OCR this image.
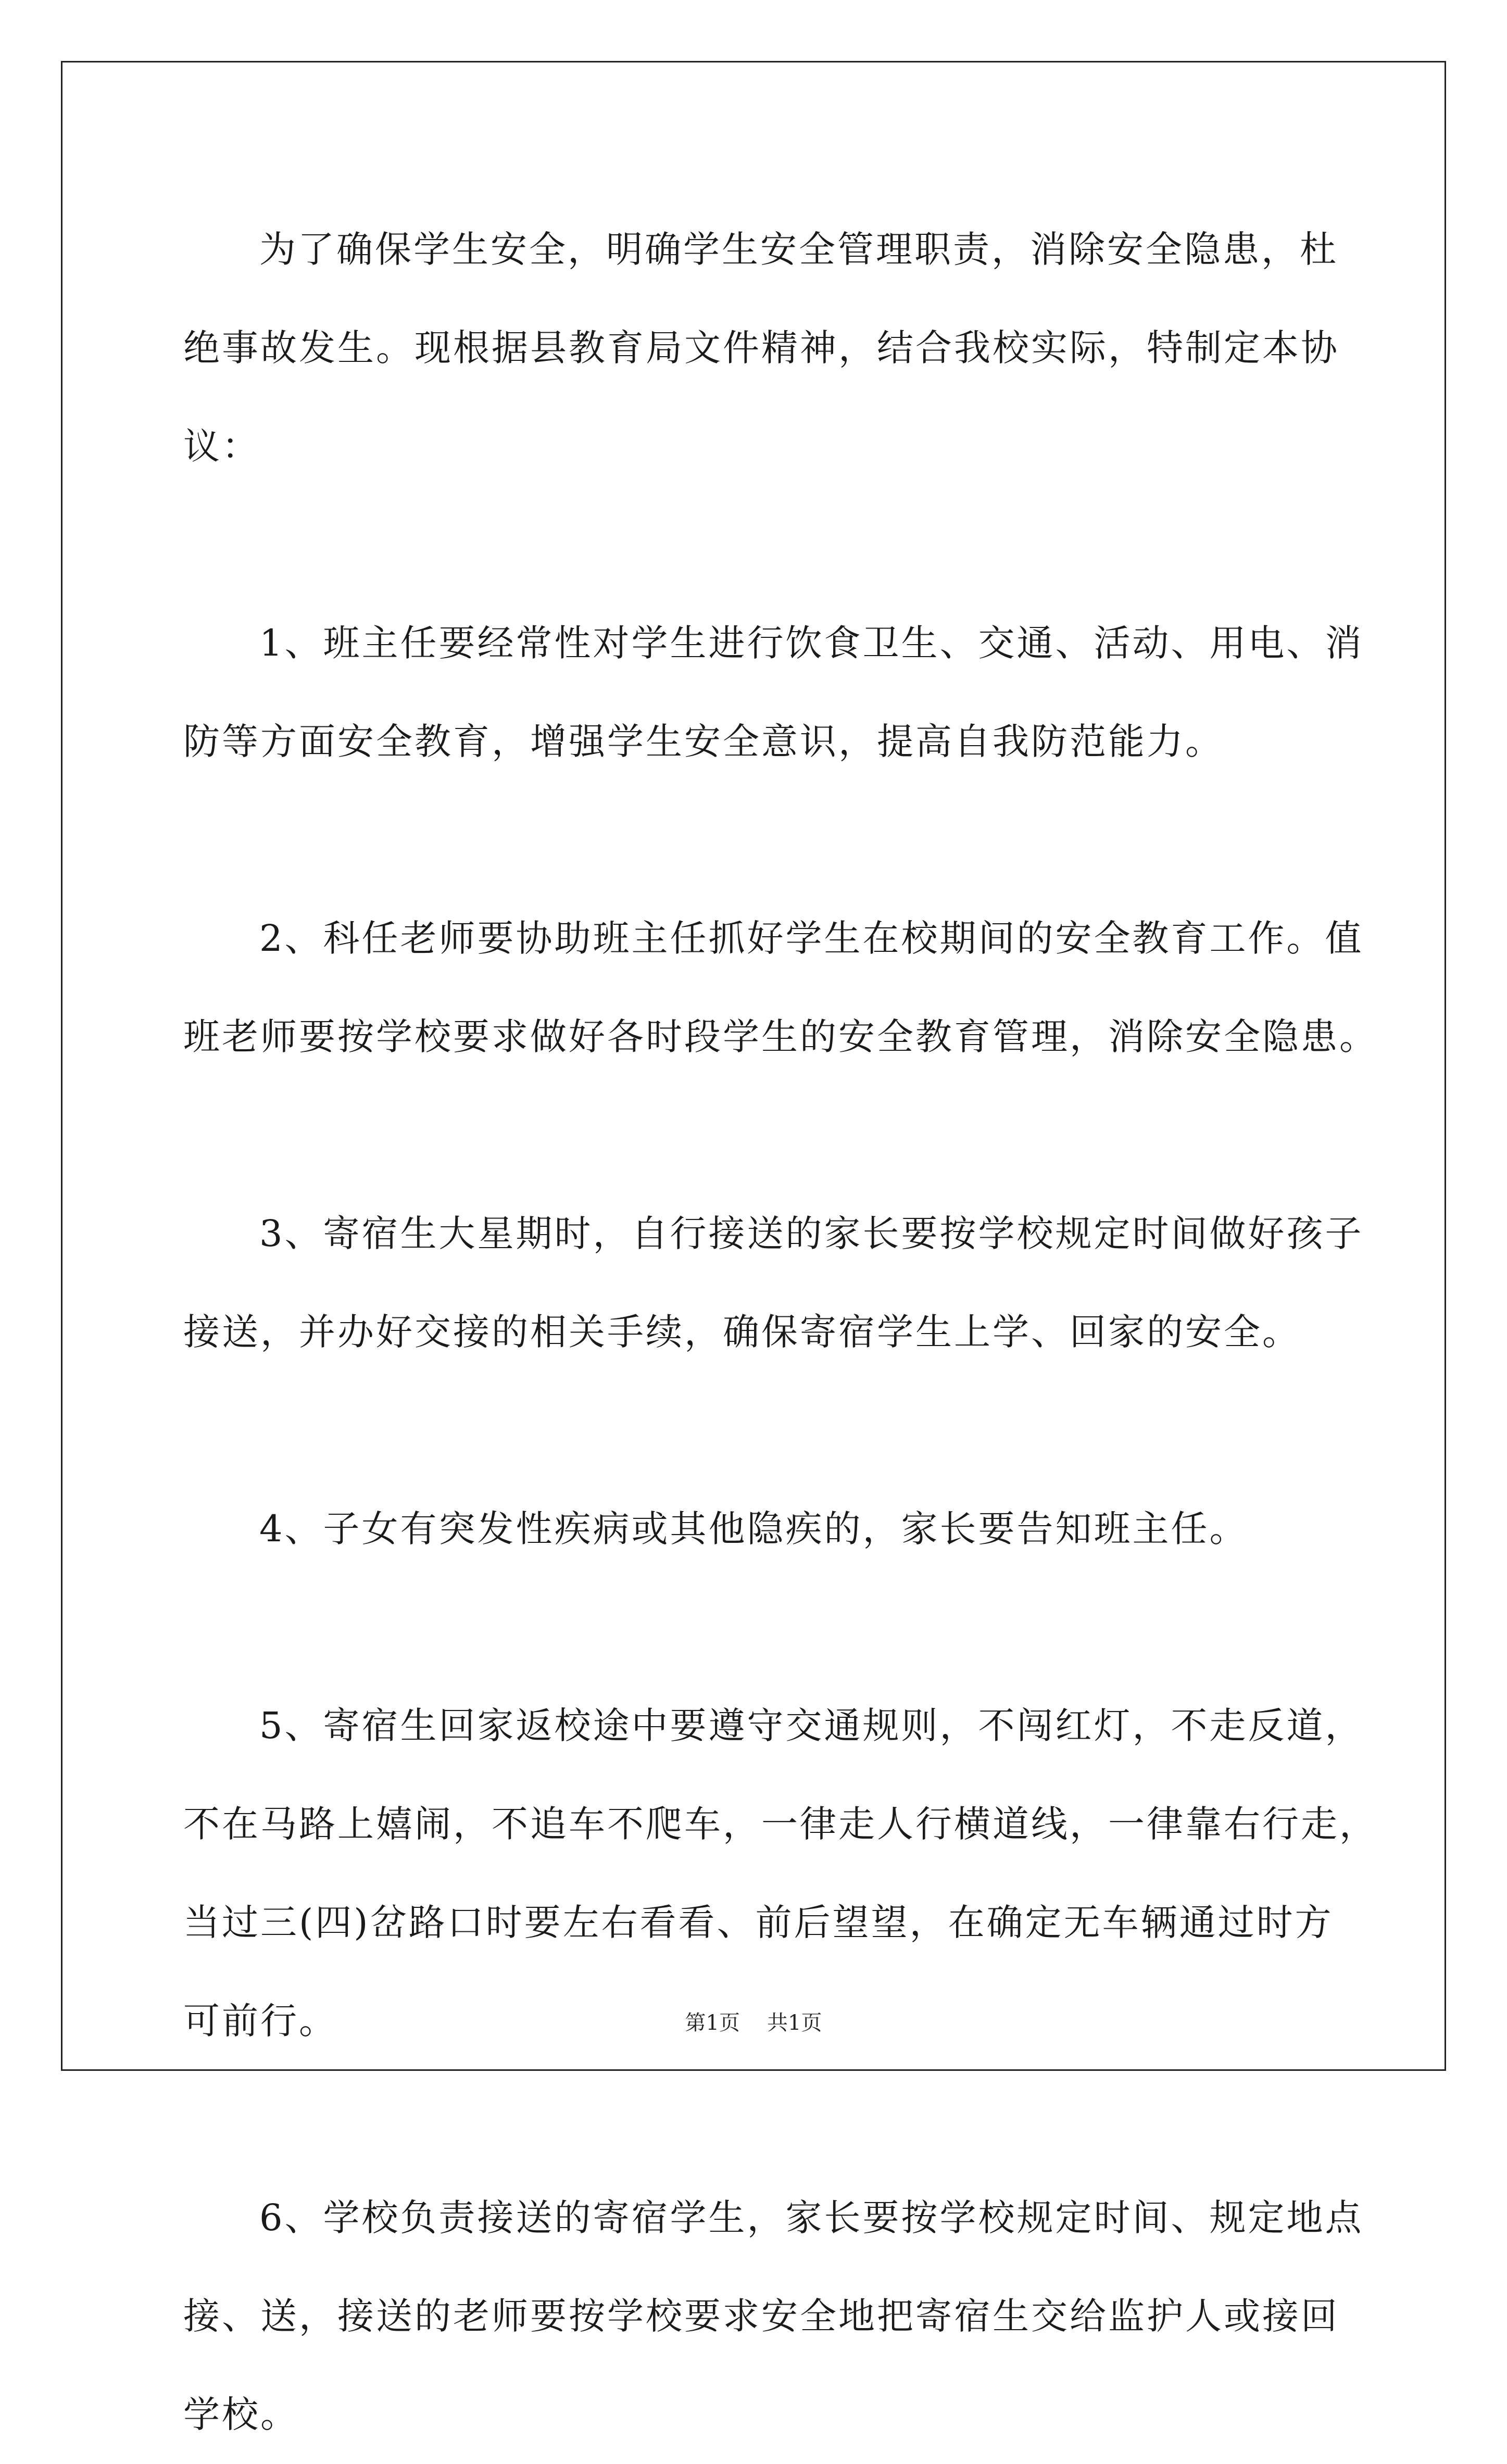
为了确保学生安全，明确学生安全管理职责，消除安全隐患，杜
绝事故发生。现根据县教育局文件精神，结合我校实际，特制定本协
议：
1、班主任要经常性对学生进行饮食卫生、交通、活动、用电、消
防等方面安全教育，增强学生安全意识，提高自我防范能力。
2、科任老师要协助班主任抓好学生在校期间的安全教育工作。值
班老师要按学校要求做好各时段学生的安全教育管理，消除安全隐患。
3、寄宿生大星期时，自行接送的家长要按学校规定时间做好孩子
接送，并办好交接的相关手续，确保寄宿学生上学、回家的安全。
4、子女有突发性疾病或其他隐疾的，家长要告知班主任。
5、寄宿生回家返校途中要遵守交通规则，不闯红灯，不走反道，
不在马路上嬉闹，不追车不爬车，一律走人行横道线，一律靠右行走，
当过三(四)岔路口时要左右看看、前后望望，在确定无车辆通过时方
可前行。
6、学校负责接送的寄宿学生，家长要按学校规定时间、规定地点
接、送，接送的老师要按学校要求安全地把寄宿生交给监护人或接回
学校。
第1页 共1页
